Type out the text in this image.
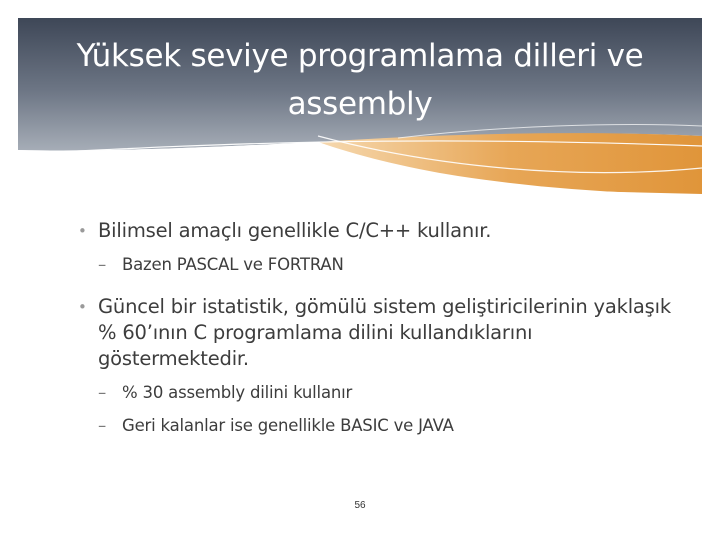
Yüksek seviye programlama dilleri ve assembly
• Bilimsel amaçlı genellikle C/C++ kullanır.
– Bazen PASCAL ve FORTRAN
• Güncel bir istatistik, gömülü sistem geliştiricilerinin yaklaşık % 60’ının C programlama dilini kullandıklarını göstermektedir.
– % 30 assembly dilini kullanır
– Geri kalanlar ise genellikle BASIC ve JAVA
56
